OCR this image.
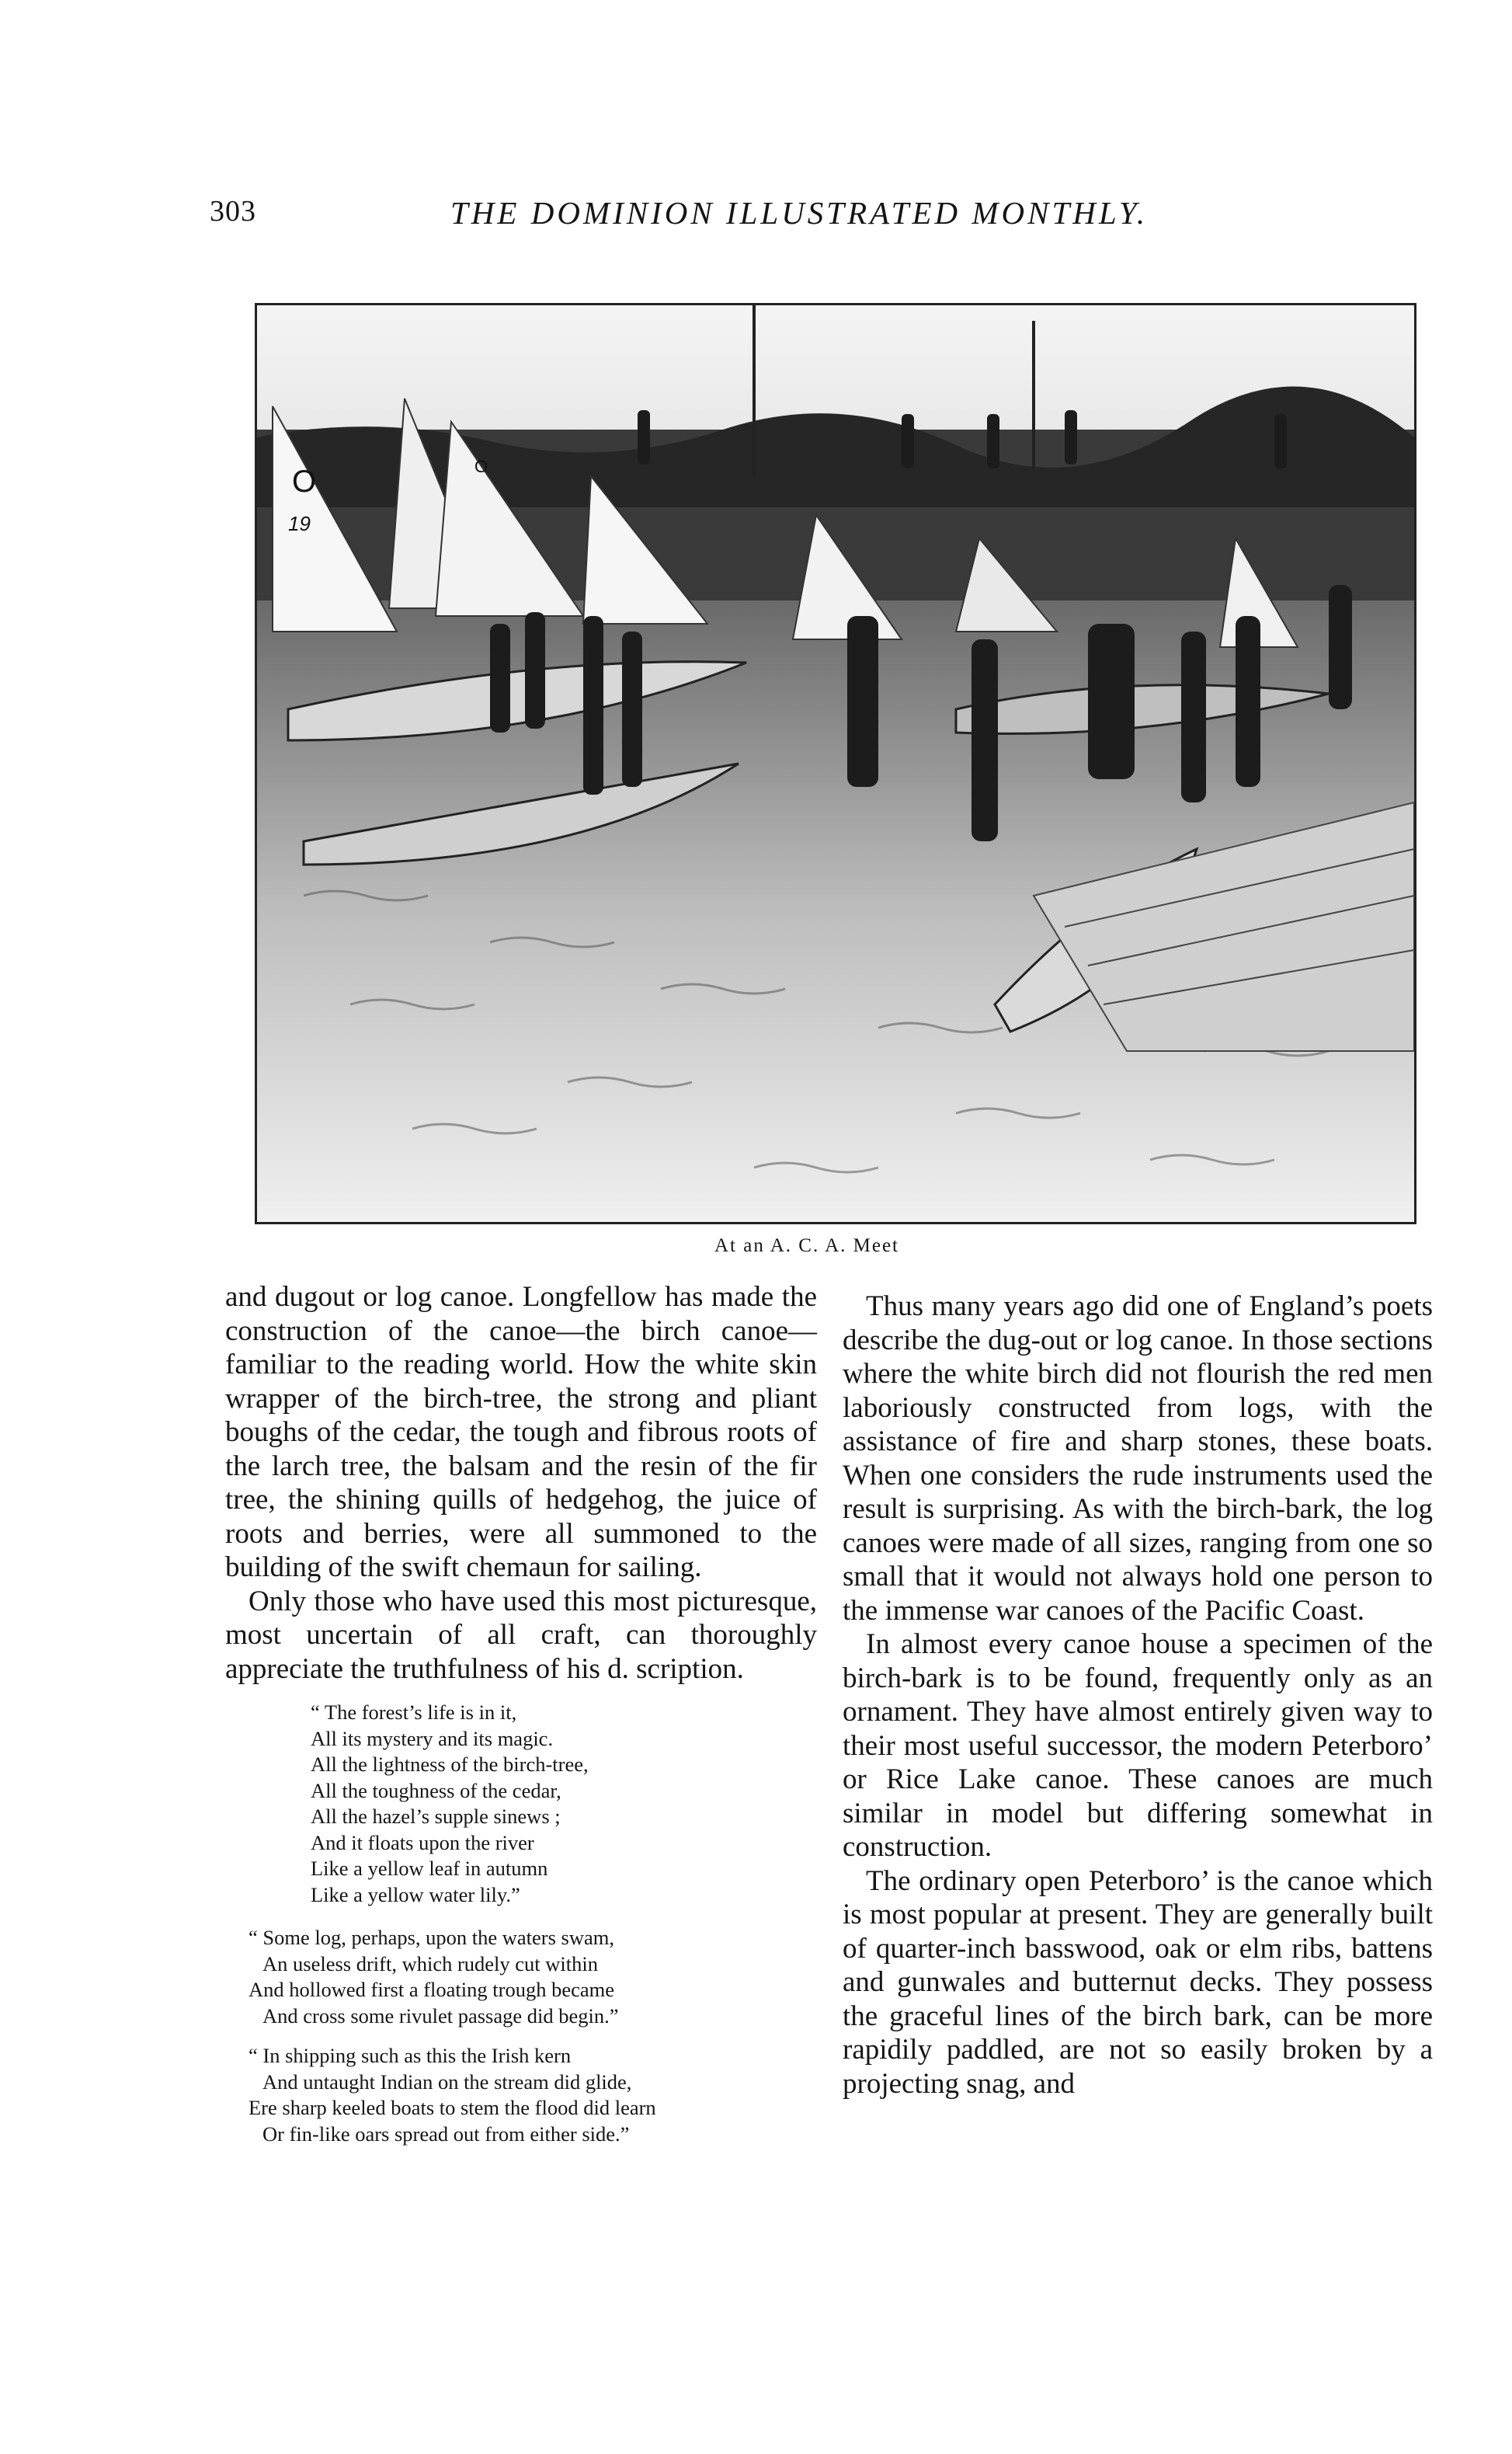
303	THE DOMINION ILLUSTRATED MONTHLY.
O
19
O
At an A. C. A. Meet

and dugout or log canoe. Longfellow has made the construction of the canoe—the birch canoe—familiar to the reading world. How the white skin wrapper of the birch-tree, the strong and pliant boughs of the cedar, the tough and fibrous roots of the larch tree, the balsam and the resin of the fir tree, the shining quills of hedgehog, the juice of roots and berries, were all summoned to the building of the swift chemaun for sailing.

Only those who have used this most picturesque, most uncertain of all craft, can thoroughly appreciate the truthfulness of his d. scription.

“ The forest’s life is in it,
All its mystery and its magic.
All the lightness of the birch-tree,
All the toughness of the cedar,
All the hazel’s supple sinews ;
And it floats upon the river
Like a yellow leaf in autumn
Like a yellow water lily.”
“ Some log, perhaps, upon the waters swam,
An useless drift, which rudely cut within
And hollowed first a floating trough became
And cross some rivulet passage did begin.”
“ In shipping such as this the Irish kern
And untaught Indian on the stream did glide,
Ere sharp keeled boats to stem the flood did learn
Or fin-like oars spread out from either side.”

Thus many years ago did one of England’s poets describe the dug-out or log canoe. In those sections where the white birch did not flourish the red men laboriously constructed from logs, with the assistance of fire and sharp stones, these boats. When one considers the rude instruments used the result is surprising. As with the birch-bark, the log canoes were made of all sizes, ranging from one so small that it would not always hold one person to the immense war canoes of the Pacific Coast.

In almost every canoe house a specimen of the birch-bark is to be found, frequently only as an ornament. They have almost entirely given way to their most useful successor, the modern Peterboro’ or Rice Lake canoe. These canoes are much similar in model but differing somewhat in construction.

The ordinary open Peterboro’ is the canoe which is most popular at present. They are generally built of quarter-inch basswood, oak or elm ribs, battens and gunwales and butternut decks. They possess the graceful lines of the birch bark, can be more rapidily paddled, are not so easily broken by a projecting snag, and
